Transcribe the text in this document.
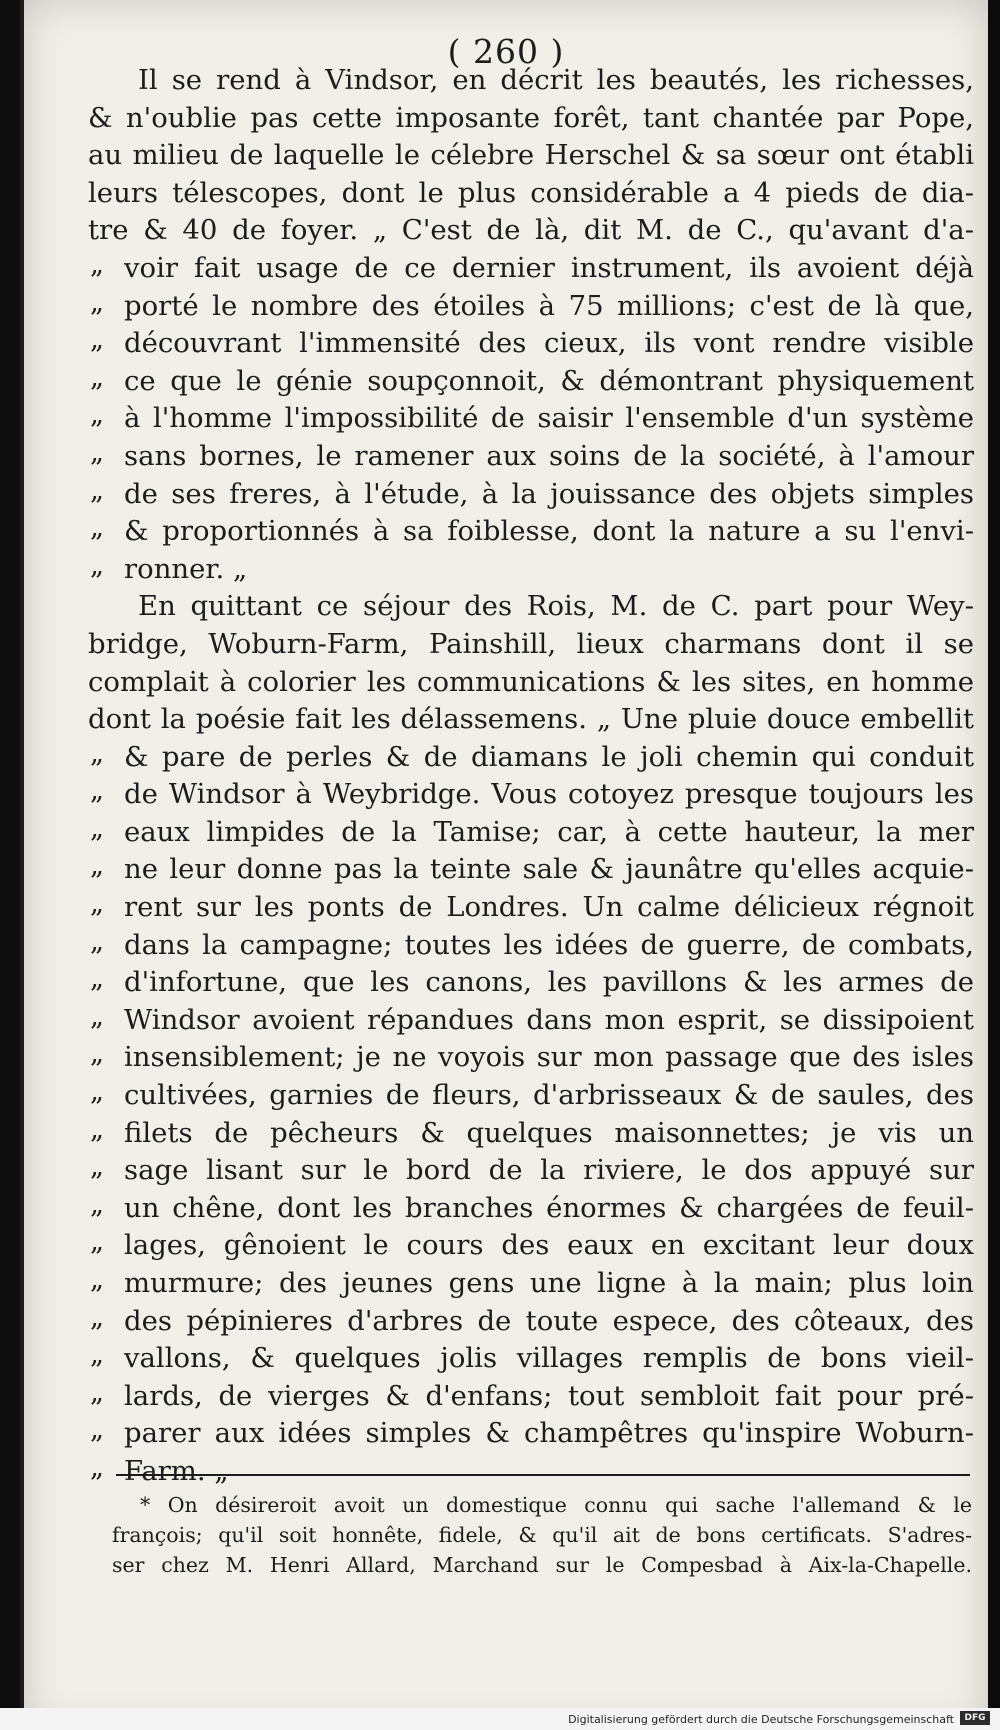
( 260 )
Il se rend à Vindsor, en décrit les beautés, les richesses,
& n'oublie pas cette imposante forêt, tant chantée par Pope,
au milieu de laquelle le célebre Herschel & sa sœur ont établi
leurs télescopes, dont le plus considérable a 4 pieds de dia-
tre & 40 de foyer. „ C'est de là, dit M. de C., qu'avant d'a-
„ voir fait usage de ce dernier instrument, ils avoient déjà
„ porté le nombre des étoiles à 75 millions; c'est de là que,
„ découvrant l'immensité des cieux, ils vont rendre visible
„ ce que le génie soupçonnoit, & démontrant physiquement
„ à l'homme l'impossibilité de saisir l'ensemble d'un système
„ sans bornes, le ramener aux soins de la société, à l'amour
„ de ses freres, à l'étude, à la jouissance des objets simples
„ & proportionnés à sa foiblesse, dont la nature a su l'envi-
„ ronner. „
En quittant ce séjour des Rois, M. de C. part pour Wey-
bridge, Woburn-Farm, Painshill, lieux charmans dont il se
complait à colorier les communications & les sites, en homme
dont la poésie fait les délassemens. „ Une pluie douce embellit
„ & pare de perles & de diamans le joli chemin qui conduit
„ de Windsor à Weybridge. Vous cotoyez presque toujours les
„ eaux limpides de la Tamise; car, à cette hauteur, la mer
„ ne leur donne pas la teinte sale & jaunâtre qu'elles acquie-
„ rent sur les ponts de Londres. Un calme délicieux régnoit
„ dans la campagne; toutes les idées de guerre, de combats,
„ d'infortune, que les canons, les pavillons & les armes de
„ Windsor avoient répandues dans mon esprit, se dissipoient
„ insensiblement; je ne voyois sur mon passage que des isles
„ cultivées, garnies de fleurs, d'arbrisseaux & de saules, des
„ filets de pêcheurs & quelques maisonnettes; je vis un
„ sage lisant sur le bord de la riviere, le dos appuyé sur
„ un chêne, dont les branches énormes & chargées de feuil-
„ lages, gênoient le cours des eaux en excitant leur doux
„ murmure; des jeunes gens une ligne à la main; plus loin
„ des pépinieres d'arbres de toute espece, des côteaux, des
„ vallons, & quelques jolis villages remplis de bons vieil-
„ lards, de vierges & d'enfans; tout sembloit fait pour pré-
„ parer aux idées simples & champêtres qu'inspire Woburn-
„ Farm. „
* On désireroit avoit un domestique connu qui sache l'allemand & le
françois; qu'il soit honnête, fidele, & qu'il ait de bons certificats. S'adres-
ser chez M. Henri Allard, Marchand sur le Compesbad à Aix-la-Chapelle.
Digitalisierung gefördert durch die Deutsche Forschungsgemeinschaft	DFG
